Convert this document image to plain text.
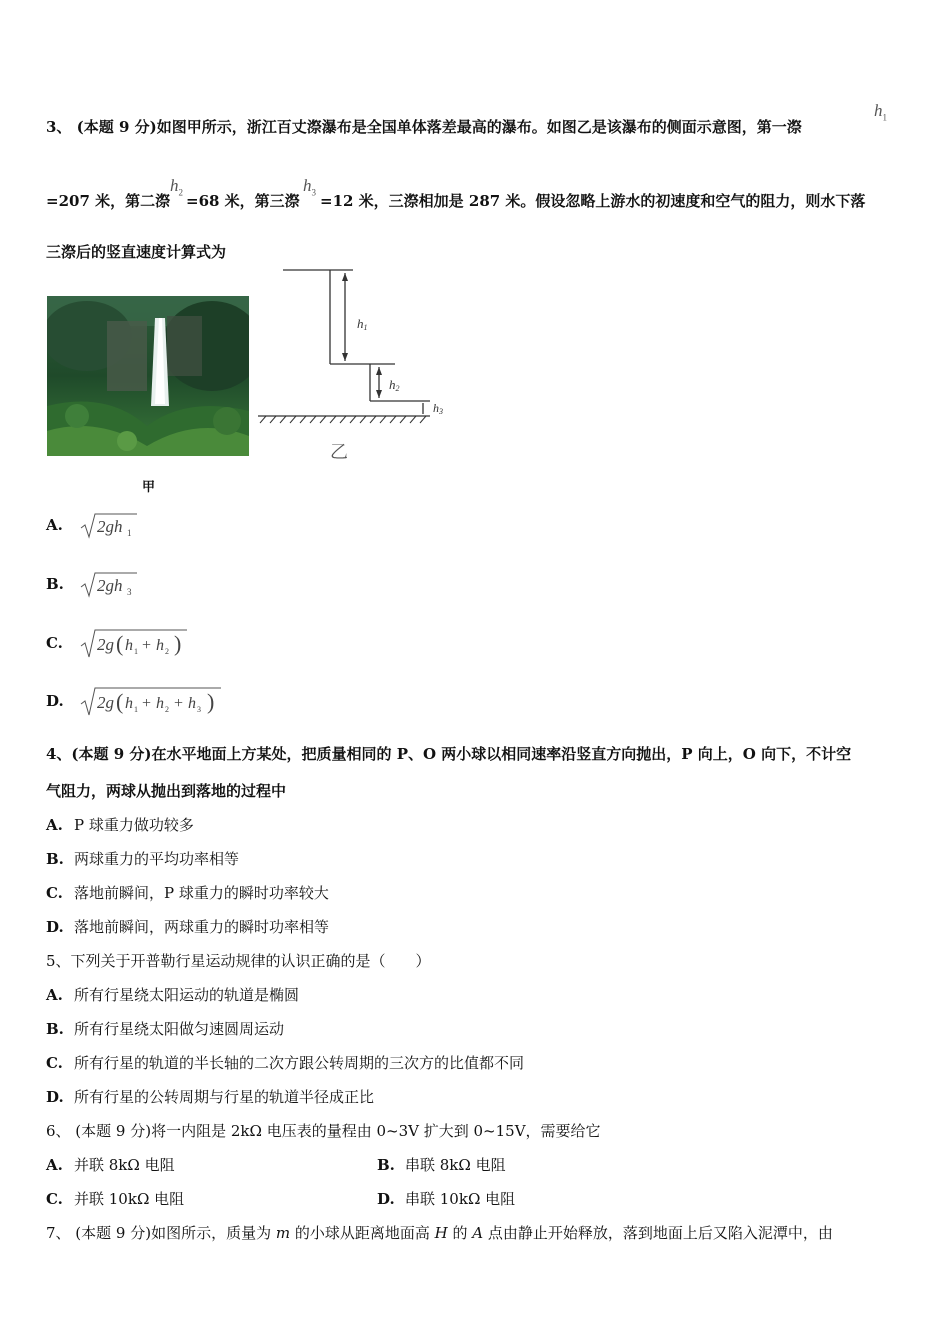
3、 (本题 9 分)如图甲所示，浙江百丈漈瀑布是全国单体落差最高的瀑布。如图乙是该瀑布的侧面示意图，第一漈
$h_1$
=207 米，第二漈
$h_2 =68$ 米，第三漈
$h_3 =12$ 米，三漈相加是 287 米。假设忽略上游水的初速度和空气的阻力，则水下落
三漈后的竖直速度计算式为
甲
h1
h2
h3
乙
A. 2gh 1
B. 2gh 3
C. 2g ( h 1 + h 2 )
D. 2g ( h 1 + h 2 + h 3 )
4、(本题 9 分)在水平地面上方某处，把质量相同的 P、O 两小球以相同速率沿竖直方向抛出，P 向上，O 向下，不计空
气阻力，两球从抛出到落地的过程中
A. P 球重力做功较多
B. 两球重力的平均功率相等
C. 落地前瞬间，P 球重力的瞬时功率较大
D. 落地前瞬间，两球重力的瞬时功率相等
5、下列关于开普勒行星运动规律的认识正确的是（　　）
A. 所有行星绕太阳运动的轨道是椭圆
B. 所有行星绕太阳做匀速圆周运动
C. 所有行星的轨道的半长轴的二次方跟公转周期的三次方的比值都不同
D. 所有行星的公转周期与行星的轨道半径成正比
6、 (本题 9 分)将一内阻是 2kΩ 电压表的量程由 0~3V 扩大到 0~15V，需要给它
A. 并联 8kΩ 电阻	B. 串联 8kΩ 电阻
C. 并联 10kΩ 电阻	D. 串联 10kΩ 电阻
7、 (本题 9 分)如图所示，质量为 m 的小球从距离地面高 H 的 A 点由静止开始释放，落到地面上后又陷入泥潭中，由
